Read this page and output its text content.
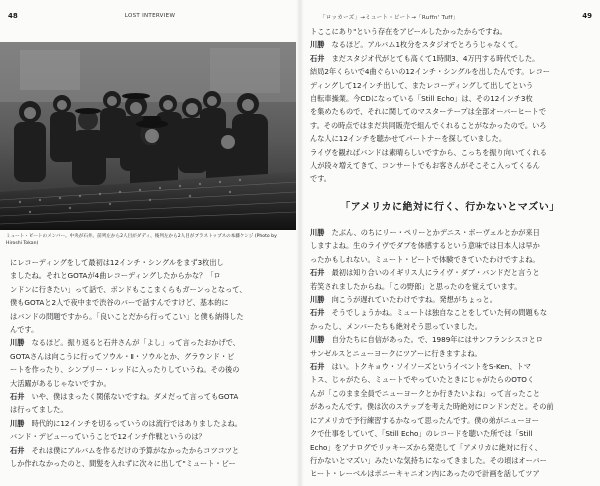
48	LOST INTERVIEW
ミュート・ビートのメンバー。中央が石井。前列左から2人目がダディ、後列左から2人目がブラストップスの本藤ケンジ (Photo by Hiroshi Tokan)
にレコーディングをして最初は12インチ・シングルをまず3枚出し
ましたね。それとGOTAが4曲レコーディングしたからかな？「ロ
ンドンに行きたい」って話で、ボンドもここまくらもガーンっとなって、
僕もGOTAと2人で夜中まで渋谷のバーで話すんですけど、基本的に
はバンドの問題ですから。「良いことだから行ってこい」と僕も納得した
んです。
川勝　なるほど。振り返ると石井さんが「よし」って言ったおかげで、
GOTAさんは向こうに行ってソウル・Ⅱ・ソウルとか、グラウンド・ビ
ートを作ったり、シンプリー・レッドに入ったりしていうね。その後の
大活躍があるじゃないですか。
石井　いや、僕はまったく関係ないですね。ダメだって言ってもGOTA
は行ってました。
川勝　時代的に12インチを切るっていうのは流行ではありましたよね。
バンド・デビューっていうことで12インチ作戦というのは？
石井　それは僕にアルバムを作るだけの予算がなかったからコツコツと
しか作れなかったのと、間髪を入れずに次々に出して"ミュート・ビー
「ロッカーズ」→ミュート・ビート→「Ruffn' Tuff」	49
トここにあり"という存在をアピールしたかったからですね。
川勝　なるほど。アルバム1枚分をスタジオでとろうじゃなくて。
石井　まだスタジオ代がとても高くて1時間3、4万円する時代でした。
結局2年くらいで4曲ぐらいの12インチ・シングルを出したんです。レコー
ディングして12インチ出して、またレコーディングして出してという
自転車操業。今CDになっている「Still Echo」は、その12インチ3枚
を集めたもので、それに関してのマスターテープは全部オーバーヒートで
す。その時点ではまだ共同販売で組んでくれることがなかったので。いろ
んな人に12インチを聴かせてパートナーを探していました。
ライヴを観ればバンドは素晴らしいですから、こっちを振り向いてくれる
人が段々増えてきて、コンサートでもお客さんがそこそこ入ってくるん
です。
川勝　たぶん、のちにリー・ペリーとかデニス・ボーヴェルとかが来日
しますよね。生のライヴでダブを体感するという意味では日本人は早か
ったかもしれない。ミュート・ビートで体験できていたわけですよね。
石井　最初は知り合いのイギリス人にライヴ・ダブ・バンドだと言うと
若笑されましたからね。「この野郎」と思ったのを覚えています。
川勝　向こうが遅れていたわけですね。発想がちょっと。
石井　そうでしょうかね。ミュートは独自なことをしていた何の問題もな
かったし、メンバーたちも絶対そう思っていました。
川勝　自分たちに自信があった。で、1989年にはサンフランシスコとロ
サンゼルスとニューヨークにツアーに行きますよね。
石井　はい。トクキョウ・ソイソーズというイベントをS-Ken、トマ
トス、じゃがたら、ミュートでやっていたときにじゃがたらのOTOく
んが「このまま全員でニューヨークとか行きたいよね」って言ったこと
があったんです。僕は次のステップを考えた時絶対にロンドンだと。その前
にアメリカで予行練習するかなって思ったんです。僕の弟がニューヨー
クで仕事をしていて、「Still Echo」のレコードを聴いた所では「Still
Echo」をアナログでリッキーズから発売して「アメリカに絶対に行く、
行かないとマズい」みたいな気持ちになってきました。その頃はオーバー
ヒート・レーベルはポニーキャニオン内にあったので計画を話してツア
「アメリカに絶対に行く、行かないとマズい」
